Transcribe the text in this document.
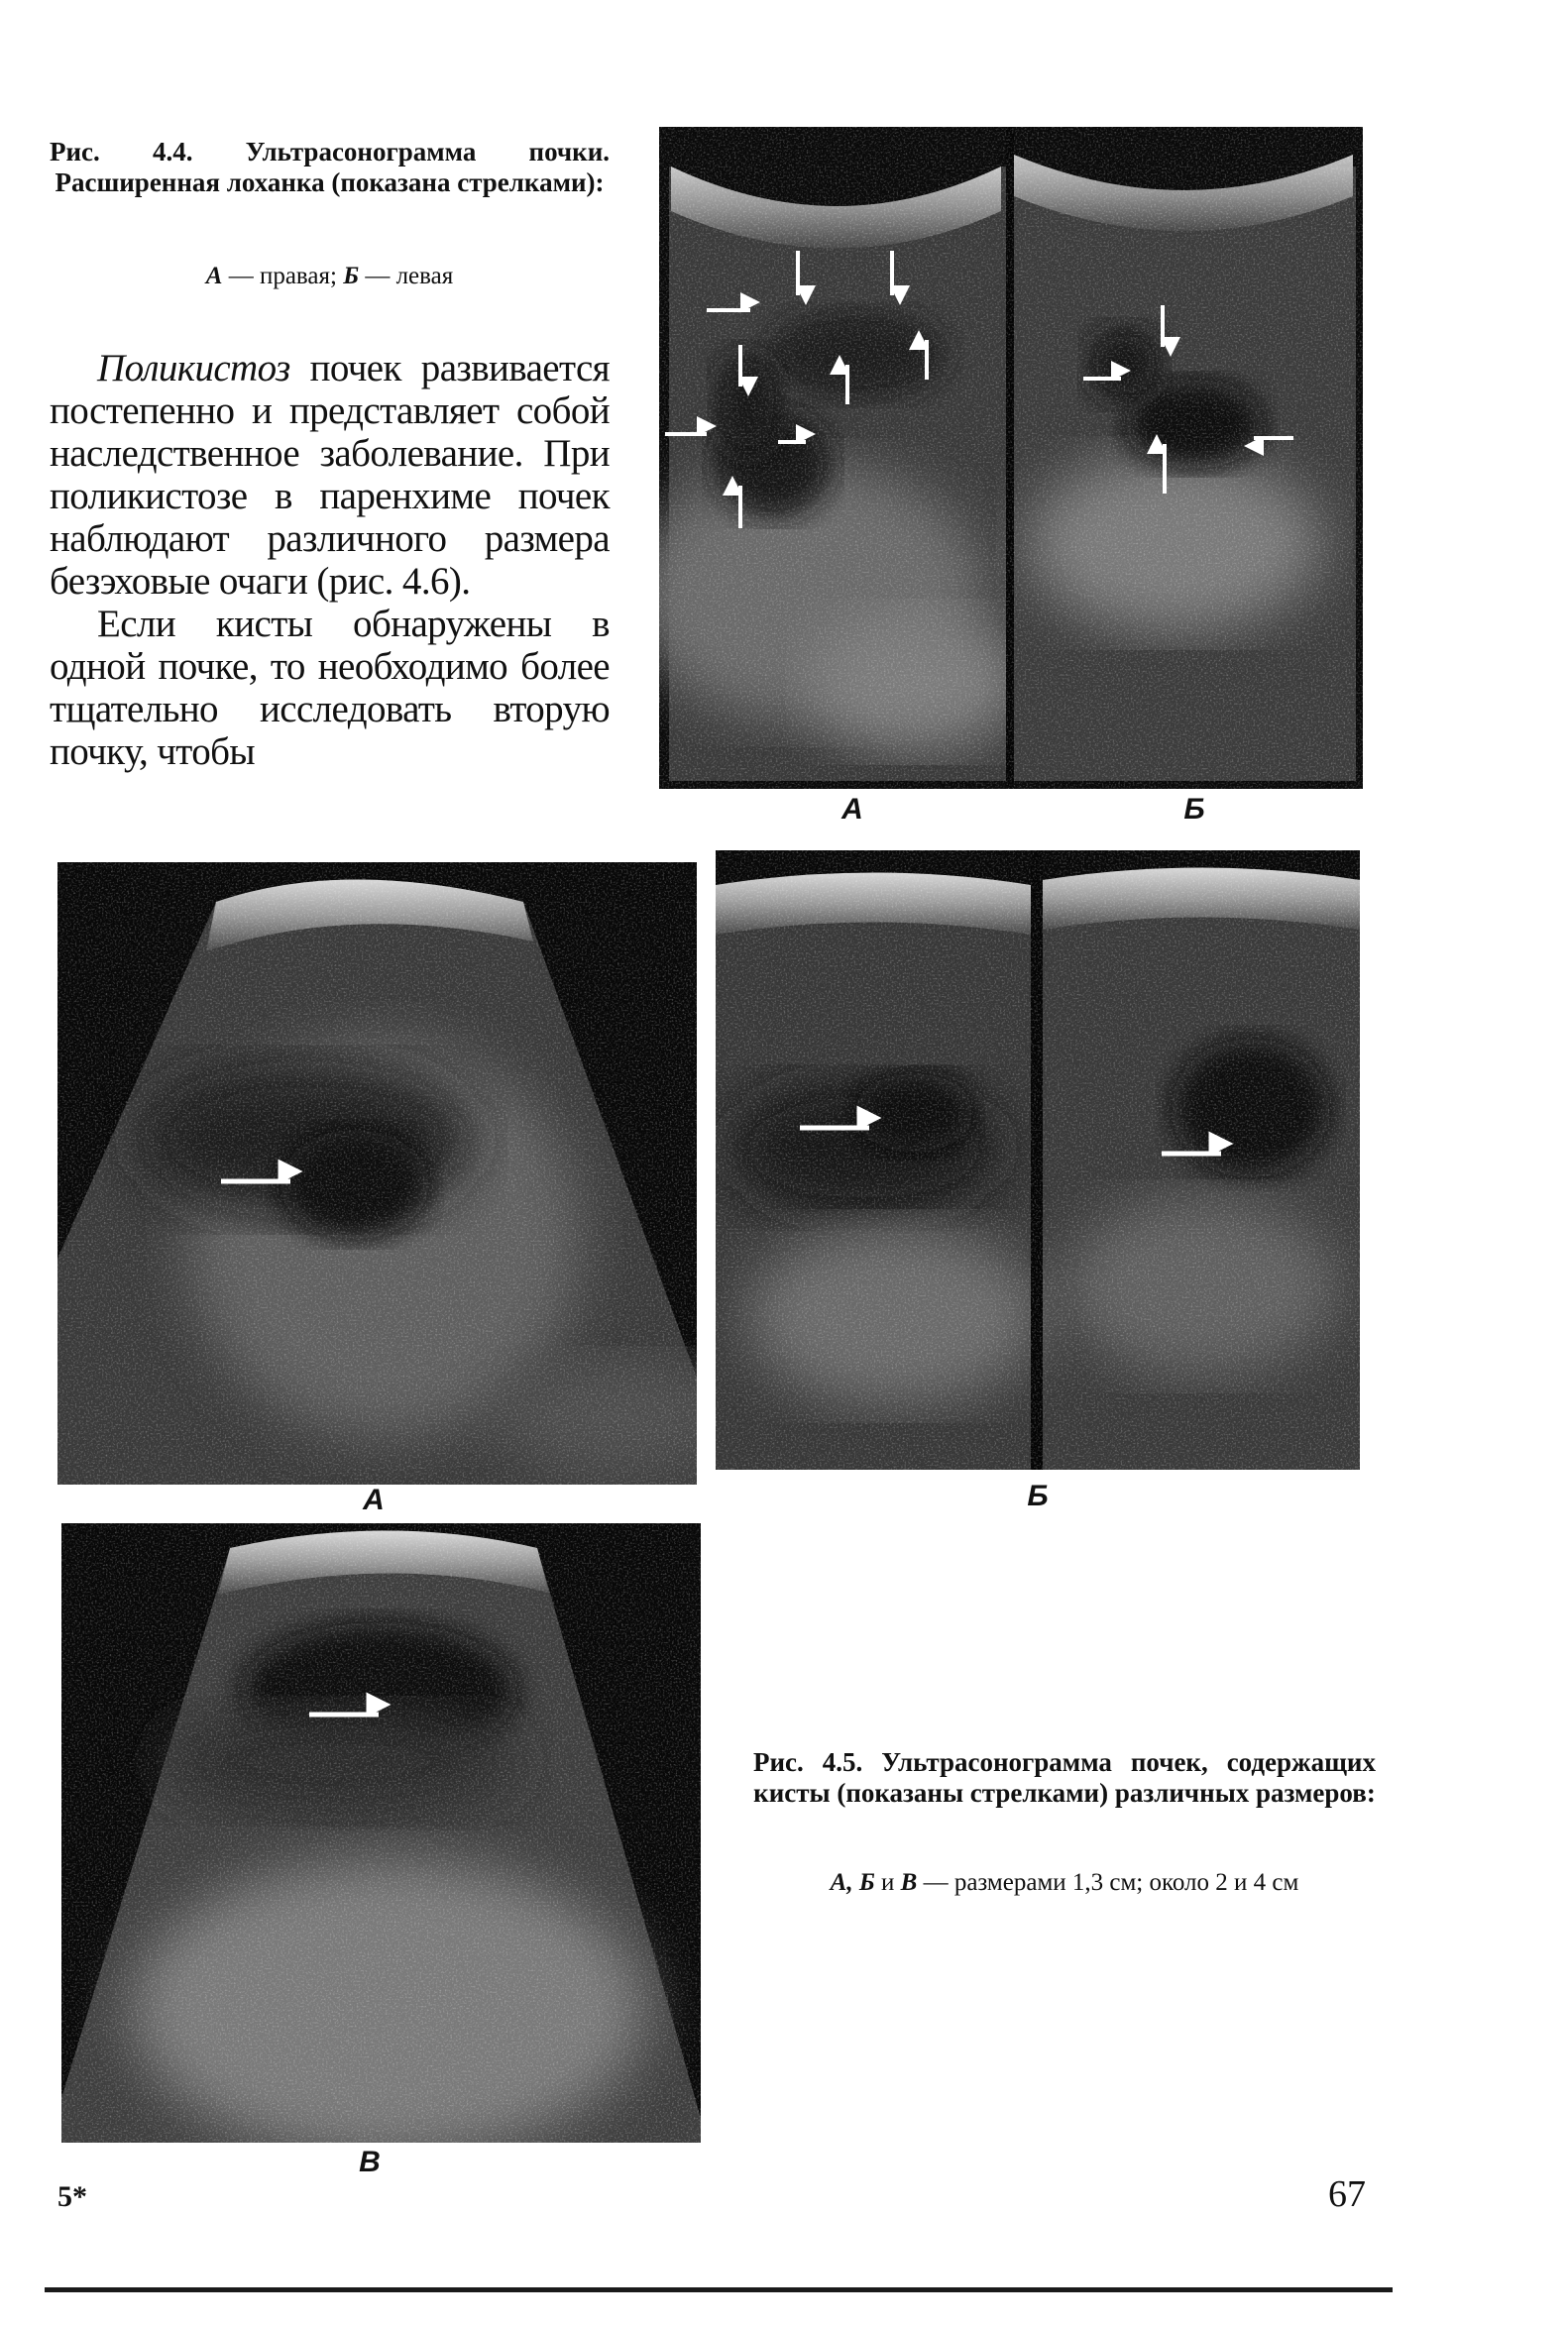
Рис. 4.4. Ультрасонограмма почки. Расширенная лоханка (показана стрелками):
А — правая; Б — левая

Поликистоз почек развивается постепенно и представляет собой наследственное заболевание. При поликистозе в паренхиме почек наблюдают различного размера безэховые очаги (рис. 4.6).

Если кисты обнаружены в одной почке, то необходимо более тщательно исследовать вторую почку, чтобы

А	Б
А	Б
В
Рис. 4.5. Ультрасонограмма почек, содержащих кисты (показаны стрелками) различных размеров:
А, Б и В — размерами 1,3 см; около 2 и 4 см
5*	67
